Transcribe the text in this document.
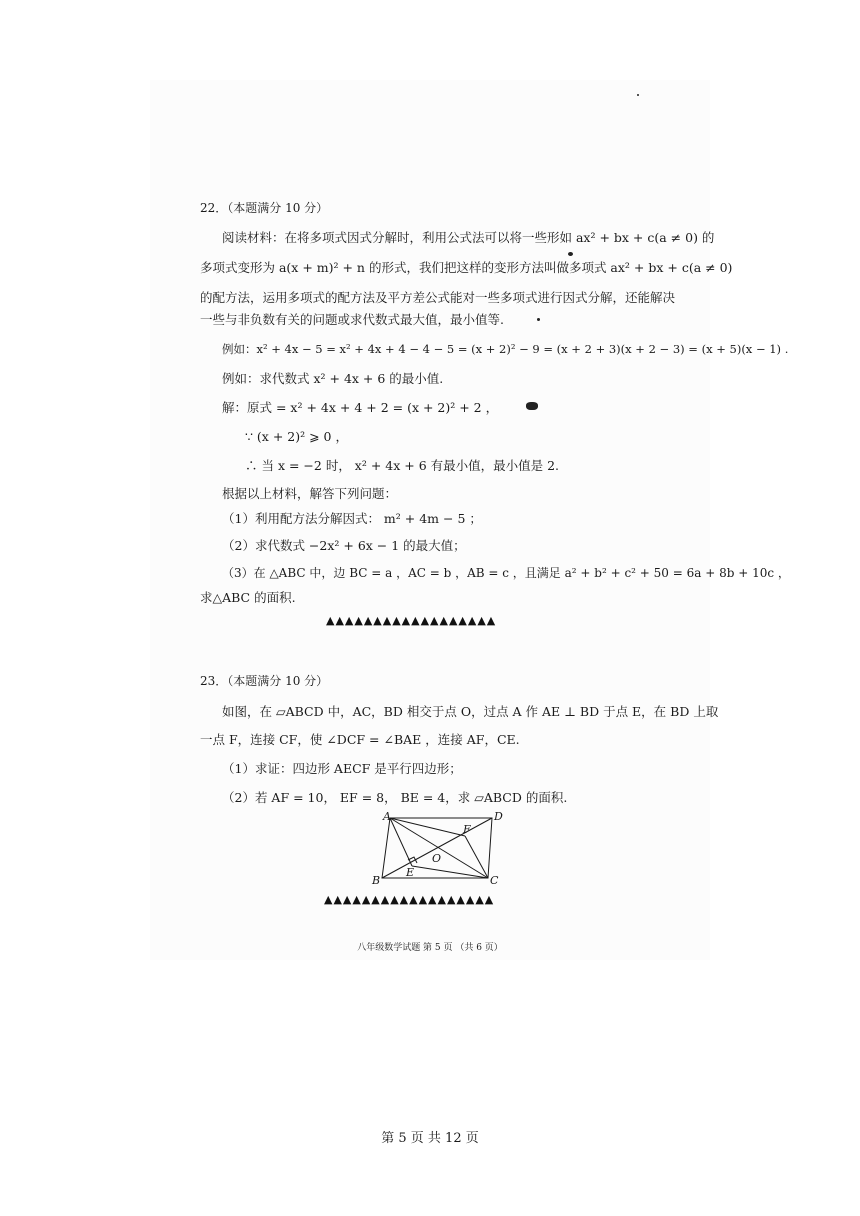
22．（本题满分 10 分）
阅读材料：在将多项式因式分解时，利用公式法可以将一些形如 ax² + bx + c(a ≠ 0) 的
多项式变形为 a(x + m)² + n 的形式，我们把这样的变形方法叫做多项式 ax² + bx + c(a ≠ 0)
的配方法，运用多项式的配方法及平方差公式能对一些多项式进行因式分解，还能解决
一些与非负数有关的问题或求代数式最大值，最小值等.
例如：x² + 4x − 5 = x² + 4x + 4 − 4 − 5 = (x + 2)² − 9 = (x + 2 + 3)(x + 2 − 3) = (x + 5)(x − 1) .
例如：求代数式 x² + 4x + 6 的最小值.
解：原式 = x² + 4x + 4 + 2 = (x + 2)² + 2 ，
∵ (x + 2)² ⩾ 0 ，
∴ 当 x = −2 时， x² + 4x + 6 有最小值，最小值是 2.
根据以上材料，解答下列问题：
（1）利用配方法分解因式： m² + 4m − 5 ；
（2）求代数式 −2x² + 6x − 1 的最大值；
（3）在 △ABC 中，边 BC = a ，AC = b ，AB = c ，且满足 a² + b² + c² + 50 = 6a + 8b + 10c ，
求△ABC 的面积.
▲▲▲▲▲▲▲▲▲▲▲▲▲▲▲▲▲▲
23．（本题满分 10 分）
如图，在 ▱ABCD 中，AC，BD 相交于点 O，过点 A 作 AE ⊥ BD 于点 E，在 BD 上取
一点 F，连接 CF，使 ∠DCF = ∠BAE ，连接 AF，CE.
（1）求证：四边形 AECF 是平行四边形；
（2）若 AF = 10， EF = 8， BE = 4，求 ▱ABCD 的面积.
A	D
B	C
E
F
O
▲▲▲▲▲▲▲▲▲▲▲▲▲▲▲▲▲▲
八年级数学试题 第 5 页 （共 6 页）
第 5 页 共 12 页
